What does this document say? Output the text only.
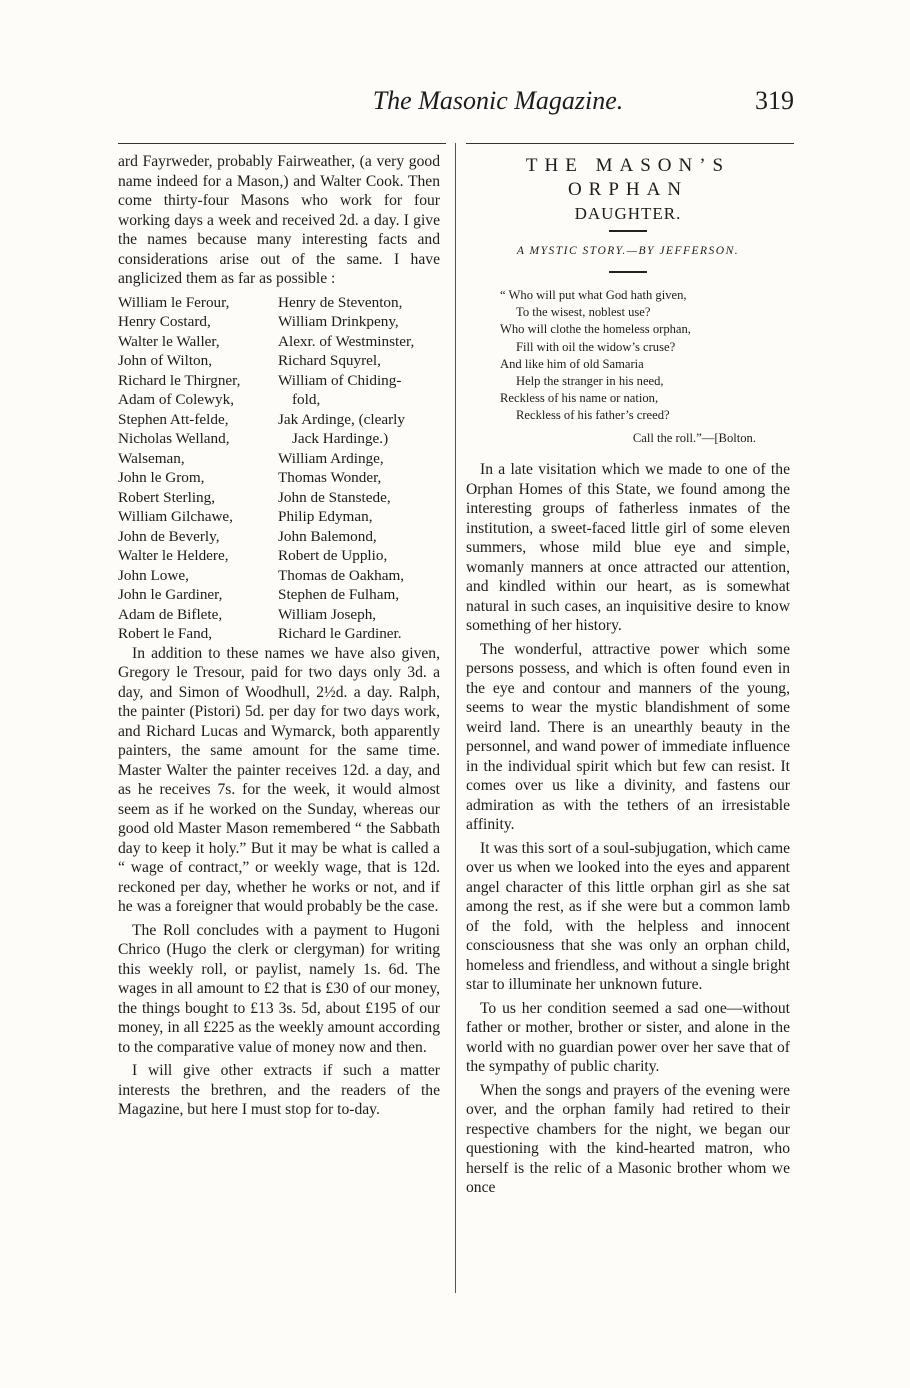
The Masonic Magazine.	319

ard Fayrweder, probably Fairweather, (a very good name indeed for a Mason,) and Walter Cook. Then come thirty-four Masons who work for four working days a week and received 2d. a day. I give the names because many interesting facts and considerations arise out of the same. I have anglicized them as far as possible :

William le Ferour,	Henry de Steventon,
Henry Costard,	William Drinkpeny,
Walter le Waller,	Alexr. of Westminster,
John of Wilton,	Richard Squyrel,
Richard le Thirgner,	William of Chiding-
Adam of Colewyk,	fold,
Stephen Att-felde,	Jak Ardinge, (clearly
Nicholas Welland,	Jack Hardinge.)
Walseman,	William Ardinge,
John le Grom,	Thomas Wonder,
Robert Sterling,	John de Stanstede,
William Gilchawe,	Philip Edyman,
John de Beverly,	John Balemond,
Walter le Heldere,	Robert de Upplio,
John Lowe,	Thomas de Oakham,
John le Gardiner,	Stephen de Fulham,
Adam de Biflete,	William Joseph,
Robert le Fand,	Richard le Gardiner.

In addition to these names we have also given, Gregory le Tresour, paid for two days only 3d. a day, and Simon of Woodhull, 2½d. a day. Ralph, the painter (Pistori) 5d. per day for two days work, and Richard Lucas and Wymarck, both apparently painters, the same amount for the same time. Master Walter the painter receives 12d. a day, and as he receives 7s. for the week, it would almost seem as if he worked on the Sunday, whereas our good old Master Mason remembered “ the Sabbath day to keep it holy.” But it may be what is called a “ wage of contract,” or weekly wage, that is 12d. reckoned per day, whether he works or not, and if he was a foreigner that would probably be the case.

The Roll concludes with a payment to Hugoni Chrico (Hugo the clerk or clergyman) for writing this weekly roll, or paylist, namely 1s. 6d. The wages in all amount to £2 that is £30 of our money, the things bought to £13 3s. 5d, about £195 of our money, in all £225 as the weekly amount according to the comparative value of money now and then.

I will give other extracts if such a matter interests the brethren, and the readers of the Magazine, but here I must stop for to-day.

THE MASON’S ORPHAN
DAUGHTER.
A MYSTIC STORY.—BY JEFFERSON.
“ Who will put what God hath given,
To the wisest, noblest use?
Who will clothe the homeless orphan,
Fill with oil the widow’s cruse?
And like him of old Samaria
Help the stranger in his need,
Reckless of his name or nation,
Reckless of his father’s creed?
Call the roll.”—[Bolton.

In a late visitation which we made to one of the Orphan Homes of this State, we found among the interesting groups of fatherless inmates of the institution, a sweet-faced little girl of some eleven summers, whose mild blue eye and simple, womanly manners at once attracted our attention, and kindled within our heart, as is somewhat natural in such cases, an inquisitive desire to know something of her history.

The wonderful, attractive power which some persons possess, and which is often found even in the eye and contour and manners of the young, seems to wear the mystic blandishment of some weird land. There is an unearthly beauty in the personnel, and wand power of immediate influence in the individual spirit which but few can resist. It comes over us like a divinity, and fastens our admiration as with the tethers of an irresistable affinity.

It was this sort of a soul-subjugation, which came over us when we looked into the eyes and apparent angel character of this little orphan girl as she sat among the rest, as if she were but a common lamb of the fold, with the helpless and innocent consciousness that she was only an orphan child, homeless and friendless, and without a single bright star to illuminate her unknown future.

To us her condition seemed a sad one—without father or mother, brother or sister, and alone in the world with no guardian power over her save that of the sympathy of public charity.

When the songs and prayers of the evening were over, and the orphan family had retired to their respective chambers for the night, we began our questioning with the kind-hearted matron, who herself is the relic of a Masonic brother whom we once
